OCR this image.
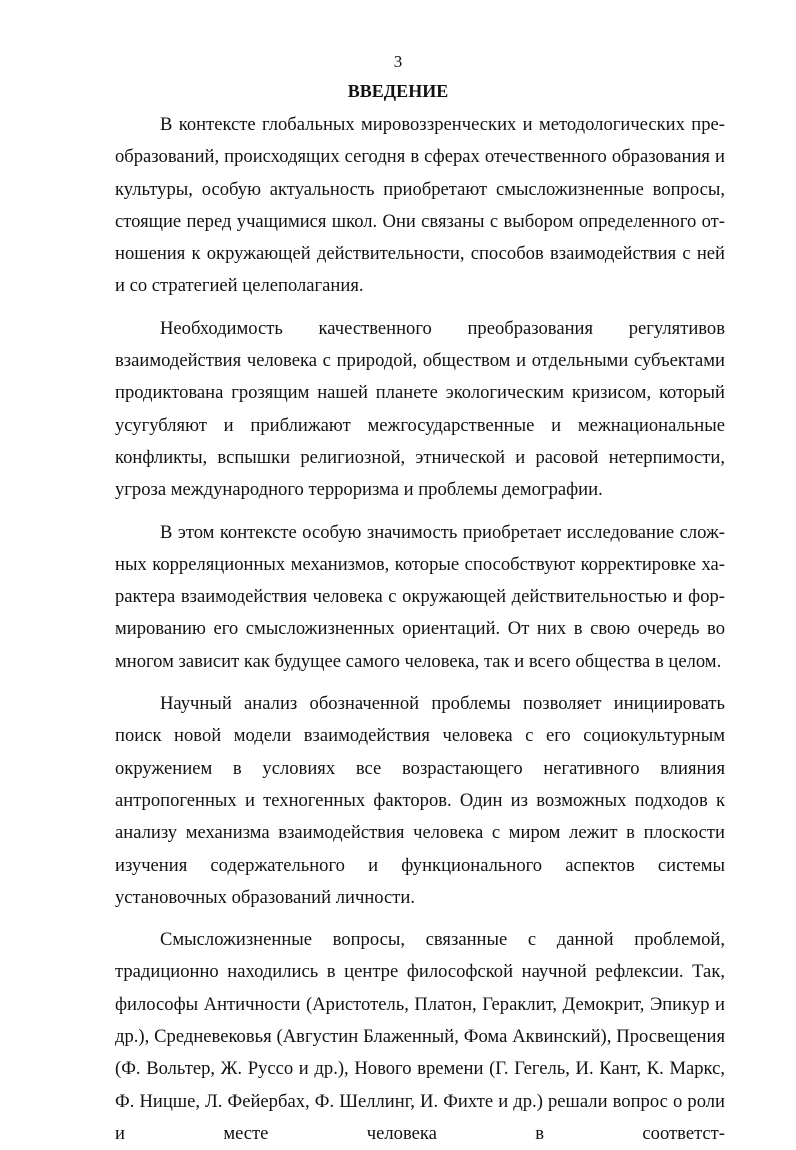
3
ВВЕДЕНИЕ

В контексте глобальных мировоззренческих и методологических преобразований, происходящих сегодня в сферах отечественного образования и культуры, особую актуальность приобретают смысложизненные вопросы, стоящие перед учащимися школ. Они связаны с выбором определенного отношения к окружающей действительности, способов взаимодействия с ней и со стратегией целеполагания.

Необходимость качественного преобразования регулятивов взаимодействия человека с природой, обществом и отдельными субъектами продиктована грозящим нашей планете экологическим кризисом, который усугубляют и приближают межгосударственные и межнациональные конфликты, вспышки религиозной, этнической и расовой нетерпимости, угроза международного терроризма и проблемы демографии.

В этом контексте особую значимость приобретает исследование сложных корреляционных механизмов, которые способствуют корректировке характера взаимодействия человека с окружающей действительностью и формированию его смысложизненных ориентаций. От них в свою очередь во многом зависит как будущее самого человека, так и всего общества в целом.

Научный анализ обозначенной проблемы позволяет инициировать поиск новой модели взаимодействия человека с его социокультурным окружением в условиях все возрастающего негативного влияния антропогенных и техногенных факторов. Один из возможных подходов к анализу механизма взаимодействия человека с миром лежит в плоскости изучения содержательного и функционального аспектов системы установочных образований личности.

Смысложизненные вопросы, связанные с данной проблемой, традиционно находились в центре философской научной рефлексии. Так, философы Античности (Аристотель, Платон, Гераклит, Демокрит, Эпикур и др.), Средневековья (Августин Блаженный, Фома Аквинский), Просвещения (Ф. Вольтер, Ж. Руссо и др.), Нового времени (Г. Гегель, И. Кант, К. Маркс, Ф. Ницше, Л. Фейербах, Ф. Шеллинг, И. Фихте и др.) решали вопрос о роли и месте человека в соответст-
